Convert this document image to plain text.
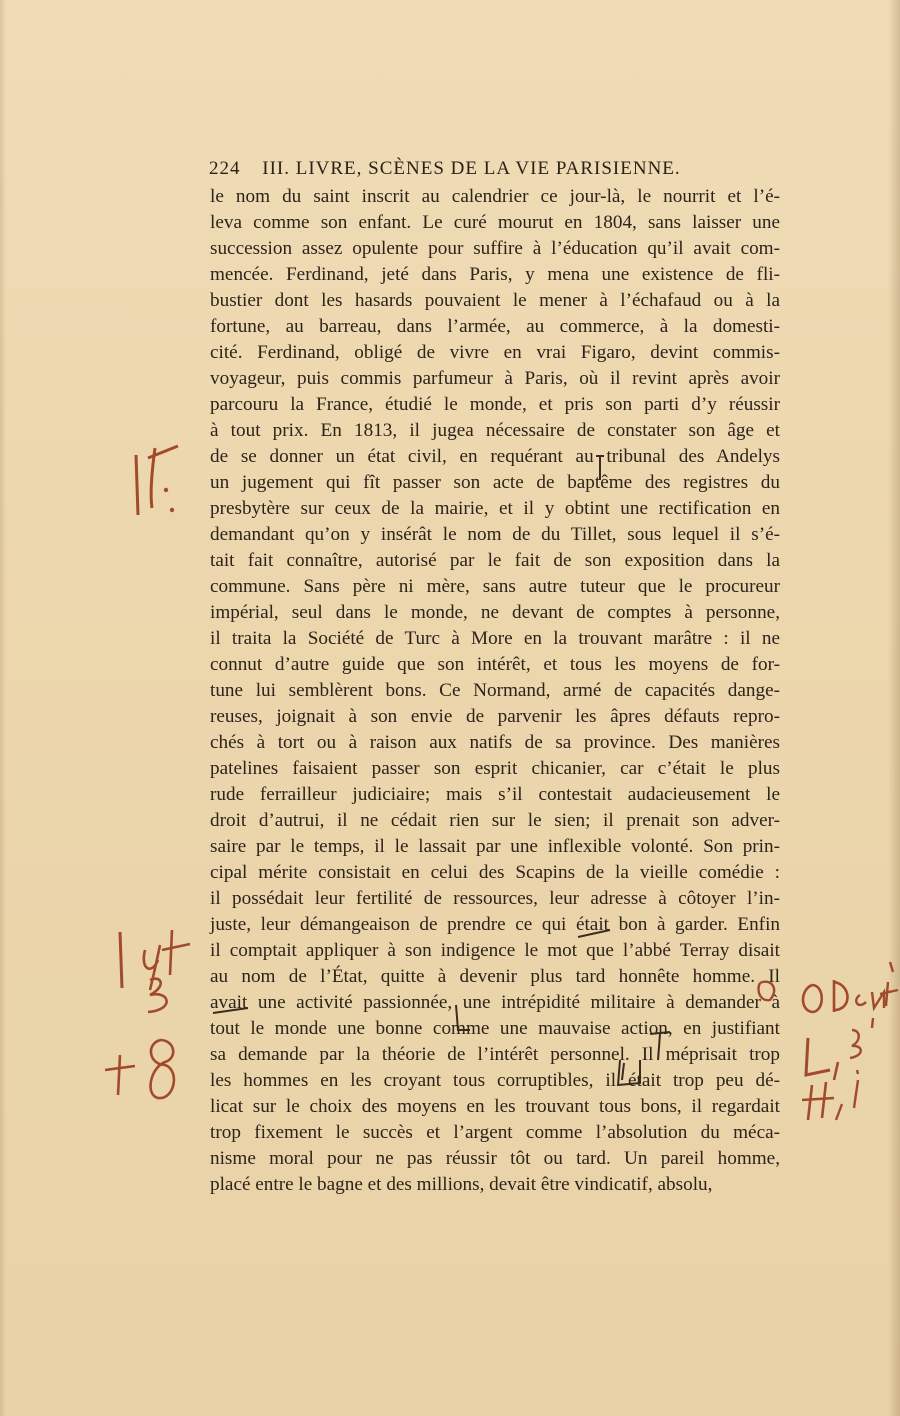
224 III. LIVRE, SCÈNES DE LA VIE PARISIENNE.
le nom du saint inscrit au calendrier ce jour-là, le nourrit et l’é-
leva comme son enfant. Le curé mourut en 1804, sans laisser une
succession assez opulente pour suffire à l’éducation qu’il avait com-
mencée. Ferdinand, jeté dans Paris, y mena une existence de fli-
bustier dont les hasards pouvaient le mener à l’échafaud ou à la
fortune, au barreau, dans l’armée, au commerce, à la domesti-
cité. Ferdinand, obligé de vivre en vrai Figaro, devint commis-
voyageur, puis commis parfumeur à Paris, où il revint après avoir
parcouru la France, étudié le monde, et pris son parti d’y réussir
à tout prix. En 1813, il jugea nécessaire de constater son âge et
de se donner un état civil, en requérant au tribunal des Andelys
un jugement qui fît passer son acte de baptême des registres du
presbytère sur ceux de la mairie, et il y obtint une rectification en
demandant qu’on y insérât le nom de du Tillet, sous lequel il s’é-
tait fait connaître, autorisé par le fait de son exposition dans la
commune. Sans père ni mère, sans autre tuteur que le procureur
impérial, seul dans le monde, ne devant de comptes à personne,
il traita la Société de Turc à More en la trouvant marâtre : il ne
connut d’autre guide que son intérêt, et tous les moyens de for-
tune lui semblèrent bons. Ce Normand, armé de capacités dange-
reuses, joignait à son envie de parvenir les âpres défauts repro-
chés à tort ou à raison aux natifs de sa province. Des manières
patelines faisaient passer son esprit chicanier, car c’était le plus
rude ferrailleur judiciaire; mais s’il contestait audacieusement le
droit d’autrui, il ne cédait rien sur le sien; il prenait son adver-
saire par le temps, il le lassait par une inflexible volonté. Son prin-
cipal mérite consistait en celui des Scapins de la vieille comédie :
il possédait leur fertilité de ressources, leur adresse à côtoyer l’in-
juste, leur démangeaison de prendre ce qui était bon à garder. Enfin
il comptait appliquer à son indigence le mot que l’abbé Terray disait
au nom de l’État, quitte à devenir plus tard honnête homme. Il
avait une activité passionnée, une intrépidité militaire à demander à
tout le monde une bonne comme une mauvaise action, en justifiant
sa demande par la théorie de l’intérêt personnel. Il méprisait trop
les hommes en les croyant tous corruptibles, il était trop peu dé-
licat sur le choix des moyens en les trouvant tous bons, il regardait
trop fixement le succès et l’argent comme l’absolution du méca-
nisme moral pour ne pas réussir tôt ou tard. Un pareil homme,
placé entre le bagne et des millions, devait être vindicatif, absolu,
